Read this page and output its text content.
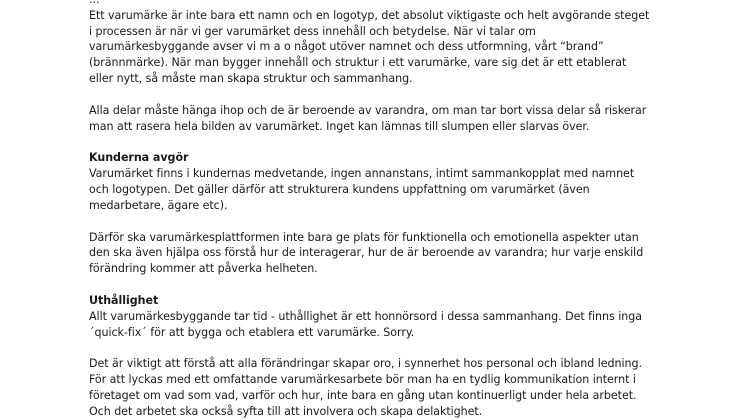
Ett varumärke är inte bara ett namn och en logotyp, det absolut viktigaste och helt avgörande steget
i processen är när vi ger varumärket dess innehåll och betydelse. När vi talar om
varumärkesbyggande avser vi m a o något utöver namnet och dess utformning, vårt “brand”
(brännmärke). När man bygger innehåll och struktur i ett varumärke, vare sig det är ett etablerat
eller nytt, så måste man skapa struktur och sammanhang.

Alla delar måste hänga ihop och de är beroende av varandra, om man tar bort vissa delar så riskerar
man att rasera hela bilden av varumärket. Inget kan lämnas till slumpen eller slarvas över.

Kunderna avgör
Varumärket finns i kundernas medvetande, ingen annanstans, intimt sammankopplat med namnet
och logotypen. Det gäller därför att strukturera kundens uppfattning om varumärket (även
medarbetare, ägare etc).

Därför ska varumärkesplattformen inte bara ge plats för funktionella och emotionella aspekter utan
den ska även hjälpa oss förstå hur de interagerar, hur de är beroende av varandra; hur varje enskild
förändring kommer att påverka helheten.

Uthållighet
Allt varumärkesbyggande tar tid - uthållighet är ett honnörsord i dessa sammanhang. Det finns inga
´quick-fix´ för att bygga och etablera ett varumärke. Sorry.

Det är viktigt att förstå att alla förändringar skapar oro, i synnerhet hos personal och ibland ledning.
För att lyckas med ett omfattande varumärkesarbete bör man ha en tydlig kommunikation internt i
företaget om vad som vad, varför och hur, inte bara en gång utan kontinuerligt under hela arbetet.
Och det arbetet ska också syfta till att involvera och skapa delaktighet.
